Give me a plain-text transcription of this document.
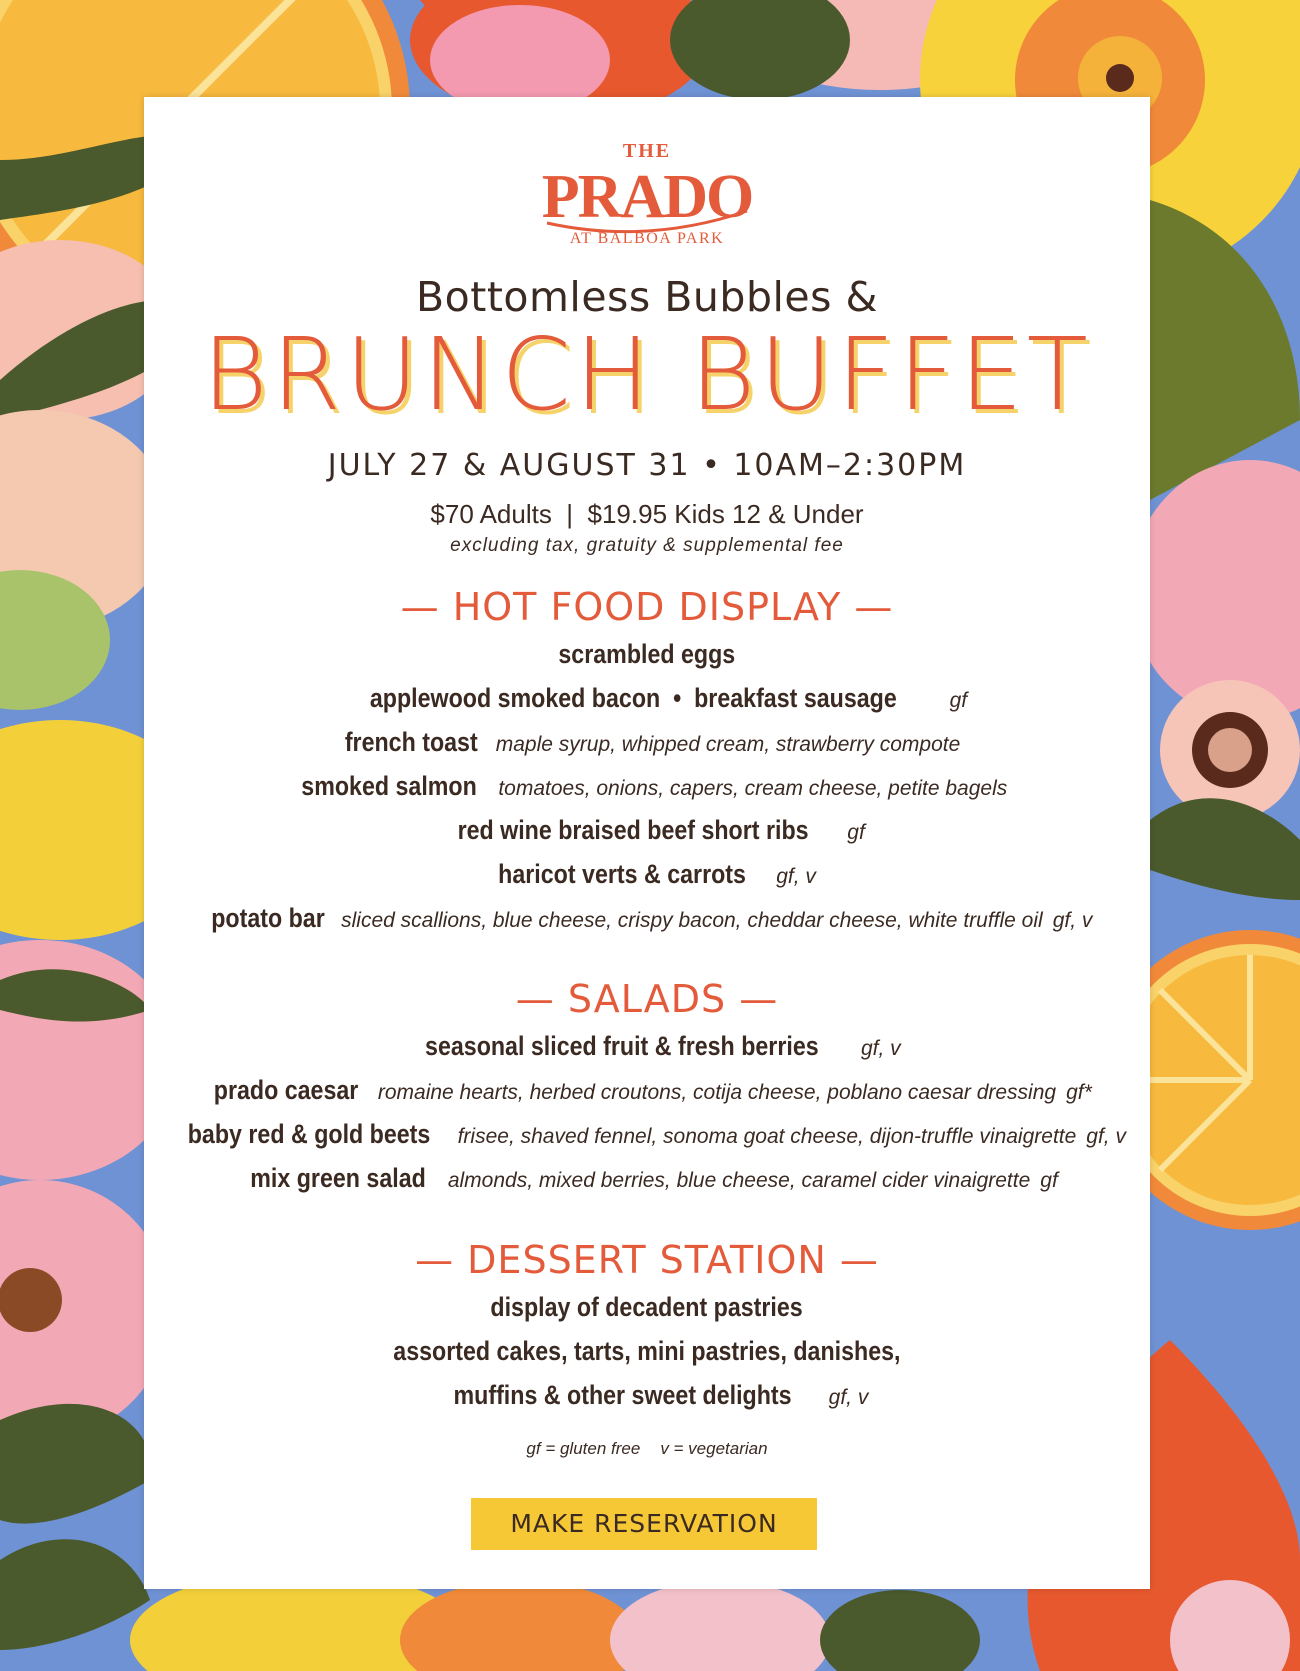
THE
PRADO
AT BALBOA PARK
Bottomless Bubbles &
BRUNCH BUFFET
JULY 27 & AUGUST 31 • 10AM–2:30PM
$70 Adults  |  $19.95 Kids 12 & Under
excluding tax, gratuity & supplemental fee
— HOT FOOD DISPLAY —
scrambled eggs
applewood smoked bacon  •  breakfast sausage	gf
french toast maple syrup, whipped cream, strawberry compote
smoked salmon tomatoes, onions, capers, cream cheese, petite bagels
red wine braised beef short ribs gf
haricot verts & carrots gf, v
potato bar sliced scallions, blue cheese, crispy bacon, cheddar cheese, white truffle oil gf, v
— SALADS —
seasonal sliced fruit & fresh berries gf, v
prado caesar romaine hearts, herbed croutons, cotija cheese, poblano caesar dressing gf*
baby red & gold beets frisee, shaved fennel, sonoma goat cheese, dijon-truffle vinaigrette gf, v
mix green salad almonds, mixed berries, blue cheese, caramel cider vinaigrette gf
— DESSERT STATION —
display of decadent pastries
assorted cakes, tarts, mini pastries, danishes,
muffins & other sweet delights gf, v
gf = gluten free v = vegetarian
MAKE RESERVATION
